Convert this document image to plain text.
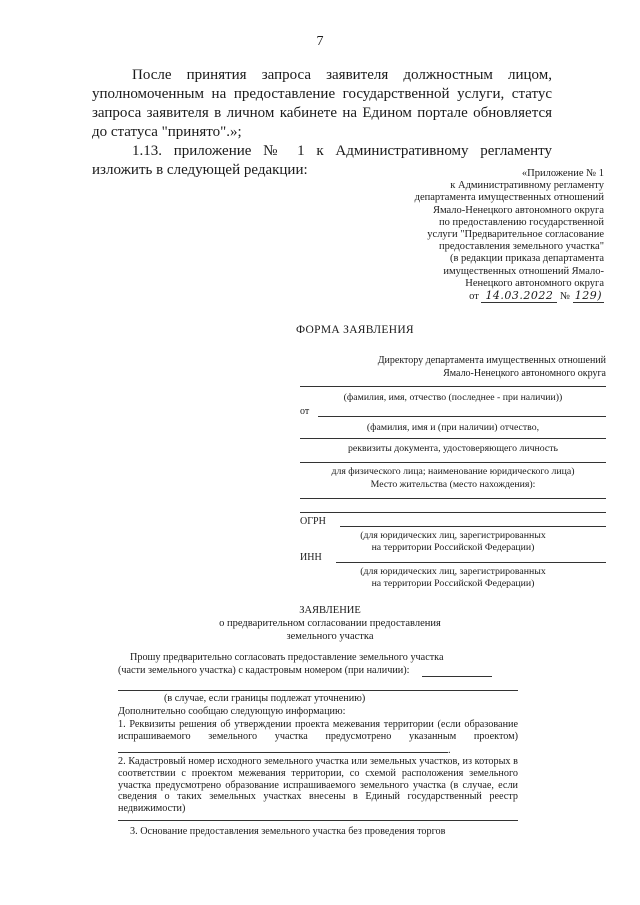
7
После принятия запроса заявителя должностным лицом, уполномоченным на предоставление государственной услуги, статус запроса заявителя в личном кабинете на Едином портале обновляется до статуса "принято".»;
1.13. приложение № 1 к Административному регламенту изложить в следующей редакции:	«Приложение № 1
к Административному регламенту
департамента имущественных отношений
Ямало-Ненецкого автономного округа
по предоставлению государственной
услуги "Предварительное согласование
предоставления земельного участка"
(в редакции приказа департамента
имущественных отношений Ямало-
Ненецкого автономного округа
от 14.03.2022 № 129)
ФОРМА ЗАЯВЛЕНИЯ
Директору департамента имущественных отношений
Ямало-Ненецкого автономного округа
(фамилия, имя, отчество (последнее - при наличии))
от
(фамилия, имя и (при наличии) отчество,
реквизиты документа, удостоверяющего личность
для физического лица; наименование юридического лица)
Место жительства (место нахождения):
ОГРН
(для юридических лиц, зарегистрированных
на территории Российской Федерации)
ИНН
(для юридических лиц, зарегистрированных
на территории Российской Федерации)
ЗАЯВЛЕНИЕ
о предварительном согласовании предоставления
земельного участка
Прошу предварительно согласовать предоставление земельного участка
(части земельного участка) с кадастровым номером (при наличии):
(в случае, если границы подлежат уточнению)
Дополнительно сообщаю следующую информацию:
1. Реквизиты решения об утверждении проекта межевания территории (если образование испрашиваемого земельного участка предусмотрено указанным проектом) .
2. Кадастровый номер исходного земельного участка или земельных участков, из которых в соответствии с проектом межевания территории, со схемой расположения земельного участка предусмотрено образование испрашиваемого земельного участка (в случае, если сведения о таких земельных участках внесены в Единый государственный реестр недвижимости)
3. Основание предоставления земельного участка без проведения торгов
